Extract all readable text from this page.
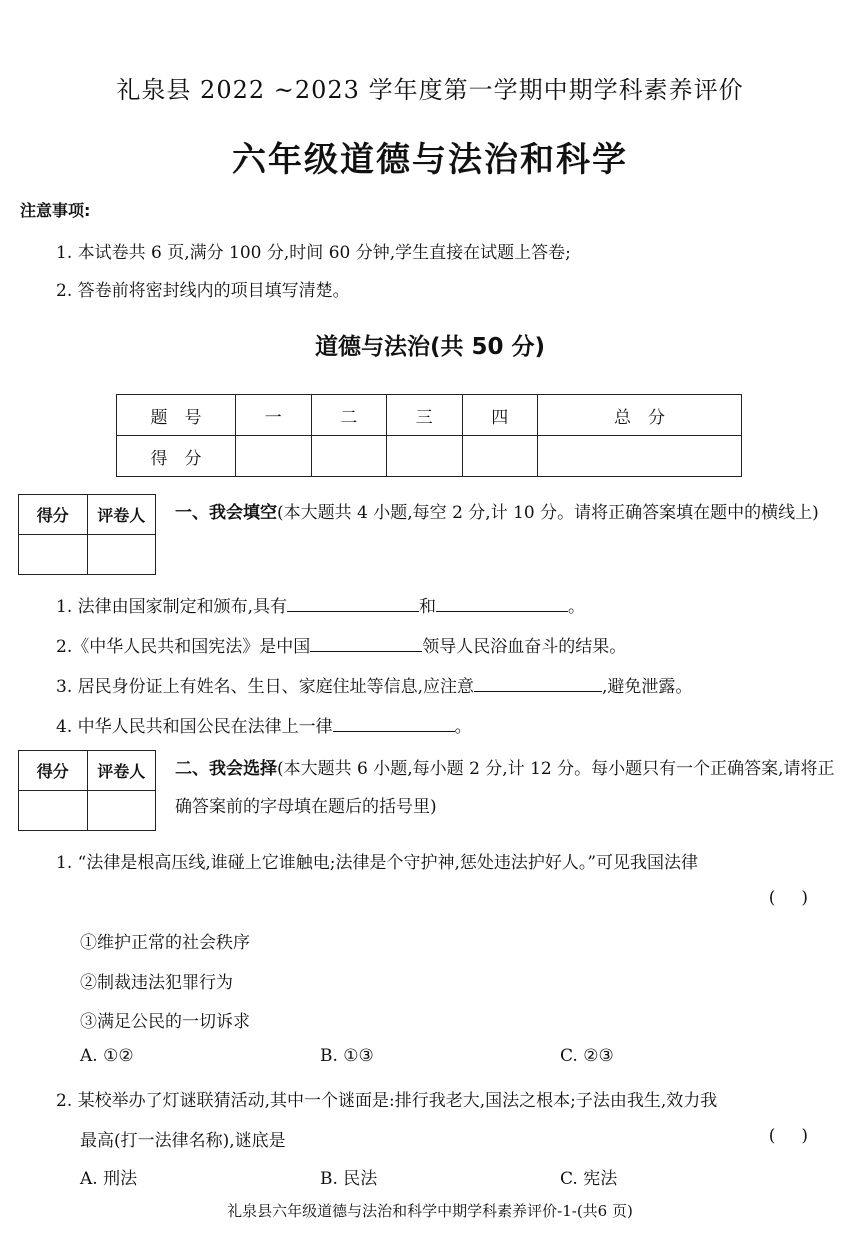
礼泉县 2022 ~2023 学年度第一学期中期学科素养评价
六年级道德与法治和科学
注意事项:
1. 本试卷共 6 页,满分 100 分,时间 60 分钟,学生直接在试题上答卷;
2. 答卷前将密封线内的项目填写清楚。
道德与法治(共 50 分)
题　号	一	二	三	四	总　分
得　分					
得分	评卷人
	一、我会填空(本大题共 4 小题,每空 2 分,计 10 分。请将正确答案填在题中的横线上)
1. 法律由国家制定和颁布,具有	和	。
2.《中华人民共和国宪法》是中国	领导人民浴血奋斗的结果。
3. 居民身份证上有姓名、生日、家庭住址等信息,应注意	,避免泄露。
4. 中华人民共和国公民在法律上一律	。
得分	评卷人
	二、我会选择(本大题共 6 小题,每小题 2 分,计 12 分。每小题只有一个正确答案,请将正确答案前的字母填在题后的括号里)
1. “法律是根高压线,谁碰上它谁触电;法律是个守护神,惩处违法护好人。”可见我国法律
()
①维护正常的社会秩序
②制裁违法犯罪行为
③满足公民的一切诉求
A. ①②	B. ①③	C. ②③
2. 某校举办了灯谜联猜活动,其中一个谜面是:排行我老大,国法之根本;子法由我生,效力我
最高(打一法律名称),谜底是	()
A. 刑法	B. 民法	C. 宪法
礼泉县六年级道德与法治和科学中期学科素养评价-1-(共6 页)
